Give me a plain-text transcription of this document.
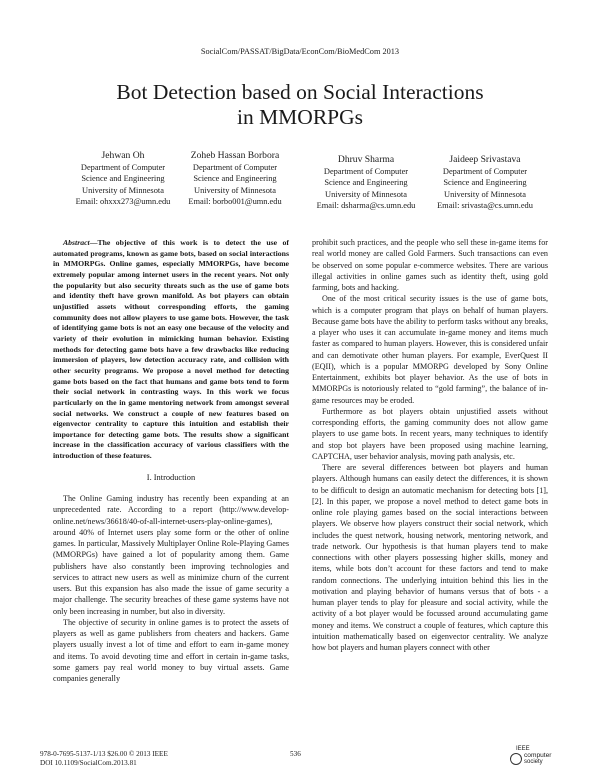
SocialCom/PASSAT/BigData/EconCom/BioMedCom 2013
Bot Detection based on Social Interactions
in MMORPGs
Jehwan Oh
Department of Computer
Science and Engineering
University of Minnesota
Email: ohxxx273@umn.edu
Zoheb Hassan Borbora
Department of Computer
Science and Engineering
University of Minnesota
Email: borbo001@umn.edu
Dhruv Sharma
Department of Computer
Science and Engineering
University of Minnesota
Email: dsharma@cs.umn.edu
Jaideep Srivastava
Department of Computer
Science and Engineering
University of Minnesota
Email: srivasta@cs.umn.edu

Abstract—The objective of this work is to detect the use of automated programs, known as game bots, based on social interactions in MMORPGs. Online games, especially MMORPGs, have become extremely popular among internet users in the recent years. Not only the popularity but also security threats such as the use of game bots and identity theft have grown manifold. As bot players can obtain unjustified assets without corresponding efforts, the gaming community does not allow players to use game bots. However, the task of identifying game bots is not an easy one because of the velocity and variety of their evolution in mimicking human behavior. Existing methods for detecting game bots have a few drawbacks like reducing immersion of players, low detection accuracy rate, and collision with other security programs. We propose a novel method for detecting game bots based on the fact that humans and game bots tend to form their social network in contrasting ways. In this work we focus particularly on the in game mentoring network from amongst several social networks. We construct a couple of new features based on eigenvector centrality to capture this intuition and establish their importance for detecting game bots. The results show a significant increase in the classification accuracy of various classifiers with the introduction of these features.

I. Introduction

The Online Gaming industry has recently been expanding at an unprecedented rate. According to a report (http://www.develop-online.net/news/36618/40-of-all-internet-users-play-online-games), around 40% of Internet users play some form or the other of online games. In particular, Massively Multiplayer Online Role-Playing Games (MMORPGs) have gained a lot of popularity among them. Game publishers have also constantly been improving technologies and services to attract new users as well as minimize churn of the current users. But this expansion has also made the issue of game security a major challenge. The security breaches of these game systems have not only been increasing in number, but also in diversity.

The objective of security in online games is to protect the assets of players as well as game publishers from cheaters and hackers. Game players usually invest a lot of time and effort to earn in-game money and items. To avoid devoting time and effort in certain in-game tasks, some gamers pay real world money to buy virtual assets. Game companies generally

prohibit such practices, and the people who sell these in-game items for real world money are called Gold Farmers. Such transactions can even be observed on some popular e-commerce websites. There are various illegal activities in online games such as identity theft, using gold farming, bots and hacking.

One of the most critical security issues is the use of game bots, which is a computer program that plays on behalf of human players. Because game bots have the ability to perform tasks without any breaks, a player who uses it can accumulate in-game money and items much faster as compared to human players. However, this is considered unfair and can demotivate other human players. For example, EverQuest II (EQII), which is a popular MMORPG developed by Sony Online Entertainment, exhibits bot player behavior. As the use of bots in MMORPGs is notoriously related to “gold farming”, the balance of in-game resources may be eroded.

Furthermore as bot players obtain unjustified assets without corresponding efforts, the gaming community does not allow game players to use game bots. In recent years, many techniques to identify and stop bot players have been proposed using machine learning, CAPTCHA, user behavior analysis, moving path analysis, etc.

There are several differences between bot players and human players. Although humans can easily detect the differences, it is shown to be difficult to design an automatic mechanism for detecting bots [1], [2]. In this paper, we propose a novel method to detect game bots in online role playing games based on the social interactions between players. We observe how players construct their social network, which includes the quest network, housing network, mentoring network, and trade network. Our hypothesis is that human players tend to make connections with other players possessing higher skills, money and items, while bots don’t account for these factors and tend to make random connections. The underlying intuition behind this lies in the motivation and playing behavior of humans versus that of bots - a human player tends to play for pleasure and social activity, while the activity of a bot player would be focussed around accumulating game money and items. We construct a couple of features, which capture this intuition mathematically based on eigenvector centrality. We analyze how bot players and human players connect with other

978-0-7695-5137-1/13 $26.00 © 2013 IEEE
DOI 10.1109/SocialCom.2013.81
536
IEEE
computer
society
